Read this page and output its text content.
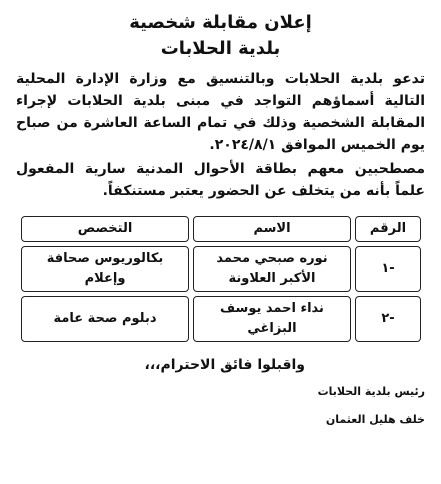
إعلان مقابلة شخصية
بلدية الحلابات

تدعو بلدية الحلابات وبالتنسيق مع وزارة الإدارة المحلية التالية أسماؤهم التواجد في مبنى بلدية الحلابات لإجراء المقابلة الشخصية وذلك في تمام الساعة العاشرة من صباح يوم الخميس الموافق ٢٠٢٤/٨/١.

مصطحبين معهم بطاقة الأحوال المدنية سارية المفعول علماً بأنه من يتخلف عن الحضور يعتبر مستنكفاً.

الرقم	الاسم	التخصص
-١	نوره صبحي محمد الأكبر العلاونة	بكالوريوس صحافة وإعلام
-٢	نداء احمد يوسف البزاغي	دبلوم صحة عامة
واقبلوا فائق الاحترام،،،
رئيس بلدية الحلابات
خلف هليل العثمان
